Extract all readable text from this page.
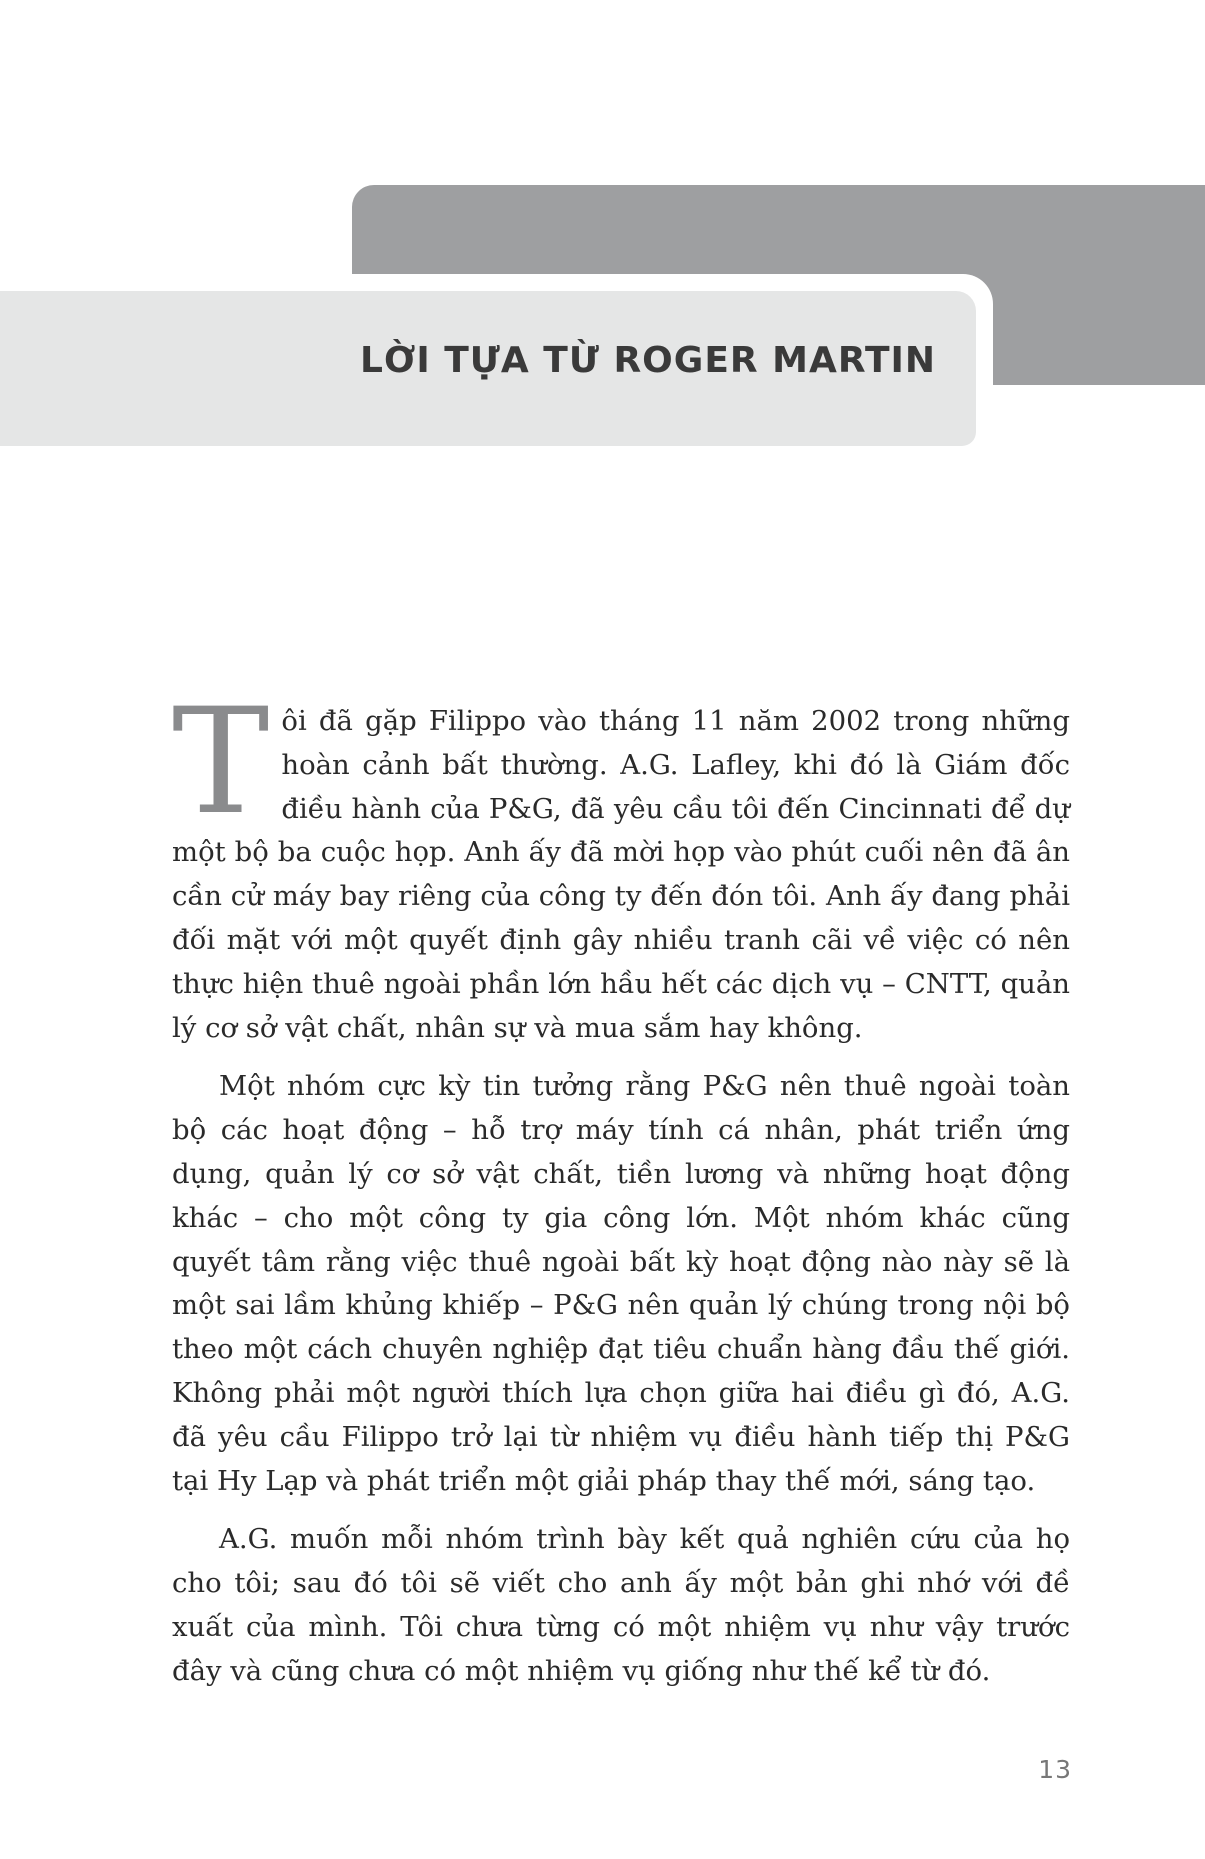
LỜI TỰA TỪ ROGER MARTIN

Tôi đã gặp Filippo vào tháng 11 năm 2002 trong những hoàn cảnh bất thường. A.G. Lafley, khi đó là Giám đốc điều hành của P&G, đã yêu cầu tôi đến Cincinnati để dự một bộ ba cuộc họp. Anh ấy đã mời họp vào phút cuối nên đã ân cần cử máy bay riêng của công ty đến đón tôi. Anh ấy đang phải đối mặt với một quyết định gây nhiều tranh cãi về việc có nên thực hiện thuê ngoài phần lớn hầu hết các dịch vụ – CNTT, quản lý cơ sở vật chất, nhân sự và mua sắm hay không.

Một nhóm cực kỳ tin tưởng rằng P&G nên thuê ngoài toàn bộ các hoạt động – hỗ trợ máy tính cá nhân, phát triển ứng dụng, quản lý cơ sở vật chất, tiền lương và những hoạt động khác – cho một công ty gia công lớn. Một nhóm khác cũng quyết tâm rằng việc thuê ngoài bất kỳ hoạt động nào này sẽ là một sai lầm khủng khiếp – P&G nên quản lý chúng trong nội bộ theo một cách chuyên nghiệp đạt tiêu chuẩn hàng đầu thế giới. Không phải một người thích lựa chọn giữa hai điều gì đó, A.G. đã yêu cầu Filippo trở lại từ nhiệm vụ điều hành tiếp thị P&G tại Hy Lạp và phát triển một giải pháp thay thế mới, sáng tạo.

A.G. muốn mỗi nhóm trình bày kết quả nghiên cứu của họ cho tôi; sau đó tôi sẽ viết cho anh ấy một bản ghi nhớ với đề xuất của mình. Tôi chưa từng có một nhiệm vụ như vậy trước đây và cũng chưa có một nhiệm vụ giống như thế kể từ đó.

13
